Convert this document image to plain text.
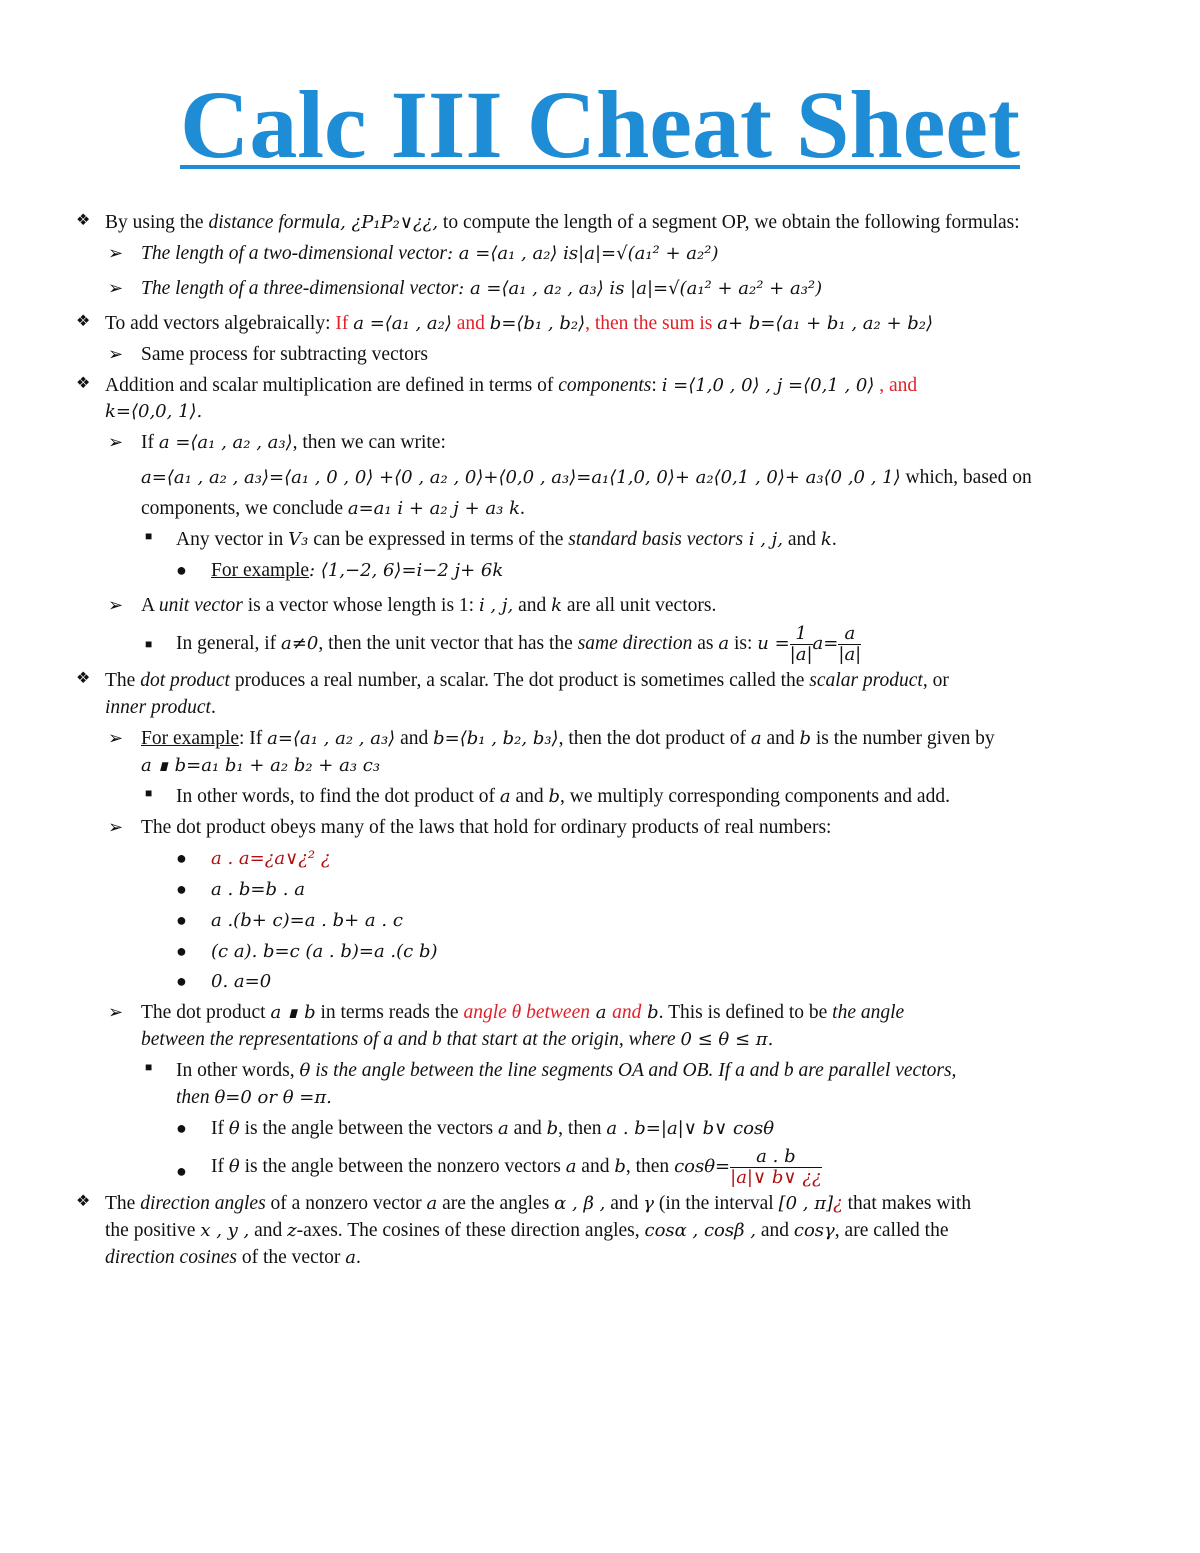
Calc III Cheat Sheet
❖ By using the distance formula, ¿P₁P₂∨¿¿, to compute the length of a segment OP, we obtain the following formulas:
➢ The length of a two-dimensional vector: a =⟨a₁ , a₂⟩ is|a|=√(a₁² + a₂²)
➢ The length of a three-dimensional vector: a =⟨a₁ , a₂ , a₃⟩ is |a|=√(a₁² + a₂² + a₃²)
❖ To add vectors algebraically: If a =⟨a₁ , a₂⟩ and b=⟨b₁ , b₂⟩, then the sum is a+ b=⟨a₁ + b₁ , a₂ + b₂⟩
➢ Same process for subtracting vectors
❖ Addition and scalar multiplication are defined in terms of components: i =⟨1,0 , 0⟩ , j =⟨0,1 , 0⟩ , and
k=⟨0,0, 1⟩.
➢ If a =⟨a₁ , a₂ , a₃⟩, then we can write:
a=⟨a₁ , a₂ , a₃⟩=⟨a₁ , 0 , 0⟩ +⟨0 , a₂ , 0⟩+⟨0,0 , a₃⟩=a₁⟨1,0, 0⟩+ a₂⟨0,1 , 0⟩+ a₃⟨0 ,0 , 1⟩ which, based on
components, we conclude a=a₁ i + a₂ j + a₃ k.
■ Any vector in V₃ can be expressed in terms of the standard basis vectors i , j, and k.
● For example: ⟨1,−2, 6⟩=i−2 j+ 6k
➢ A unit vector is a vector whose length is 1: i , j, and k are all unit vectors.
■ In general, if a≠0, then the unit vector that has the same direction as a is: $u = \frac{1}{|a|} a= \frac{a}{|a|}$
❖ The dot product produces a real number, a scalar. The dot product is sometimes called the scalar product, or
inner product.
➢ For example: If a=⟨a₁ , a₂ , a₃⟩ and b=⟨b₁ , b₂, b₃⟩, then the dot product of a and b is the number given by
a ∎ b=a₁ b₁ + a₂ b₂ + a₃ c₃
■ In other words, to find the dot product of a and b, we multiply corresponding components and add.
➢ The dot product obeys many of the laws that hold for ordinary products of real numbers:
● a . a=¿a∨¿² ¿
● a . b=b . a
● a .(b+ c)=a . b+ a . c
● (c a). b=c (a . b)=a .(c b)
● 0. a=0
➢ The dot product a ∎ b in terms reads the angle θ between a and b. This is defined to be the angle
between the representations of a and b that start at the origin, where 0 ≤ θ ≤ π.
■ In other words, θ is the angle between the line segments OA and OB. If a and b are parallel vectors,
then θ=0 or θ =π.
● If θ is the angle between the vectors a and b, then a . b=|a|∨ b∨ cosθ
● If θ is the angle between the nonzero vectors a and b, then $\cos\theta= \frac{a . b}{|a|\vee b\vee ¿¿}$
❖ The direction angles of a nonzero vector a are the angles α , β , and γ (in the interval [0 , π]¿ that makes with
the positive x , y , and z-axes. The cosines of these direction angles, cosα , cosβ , and cosγ, are called the
direction cosines of the vector a.
